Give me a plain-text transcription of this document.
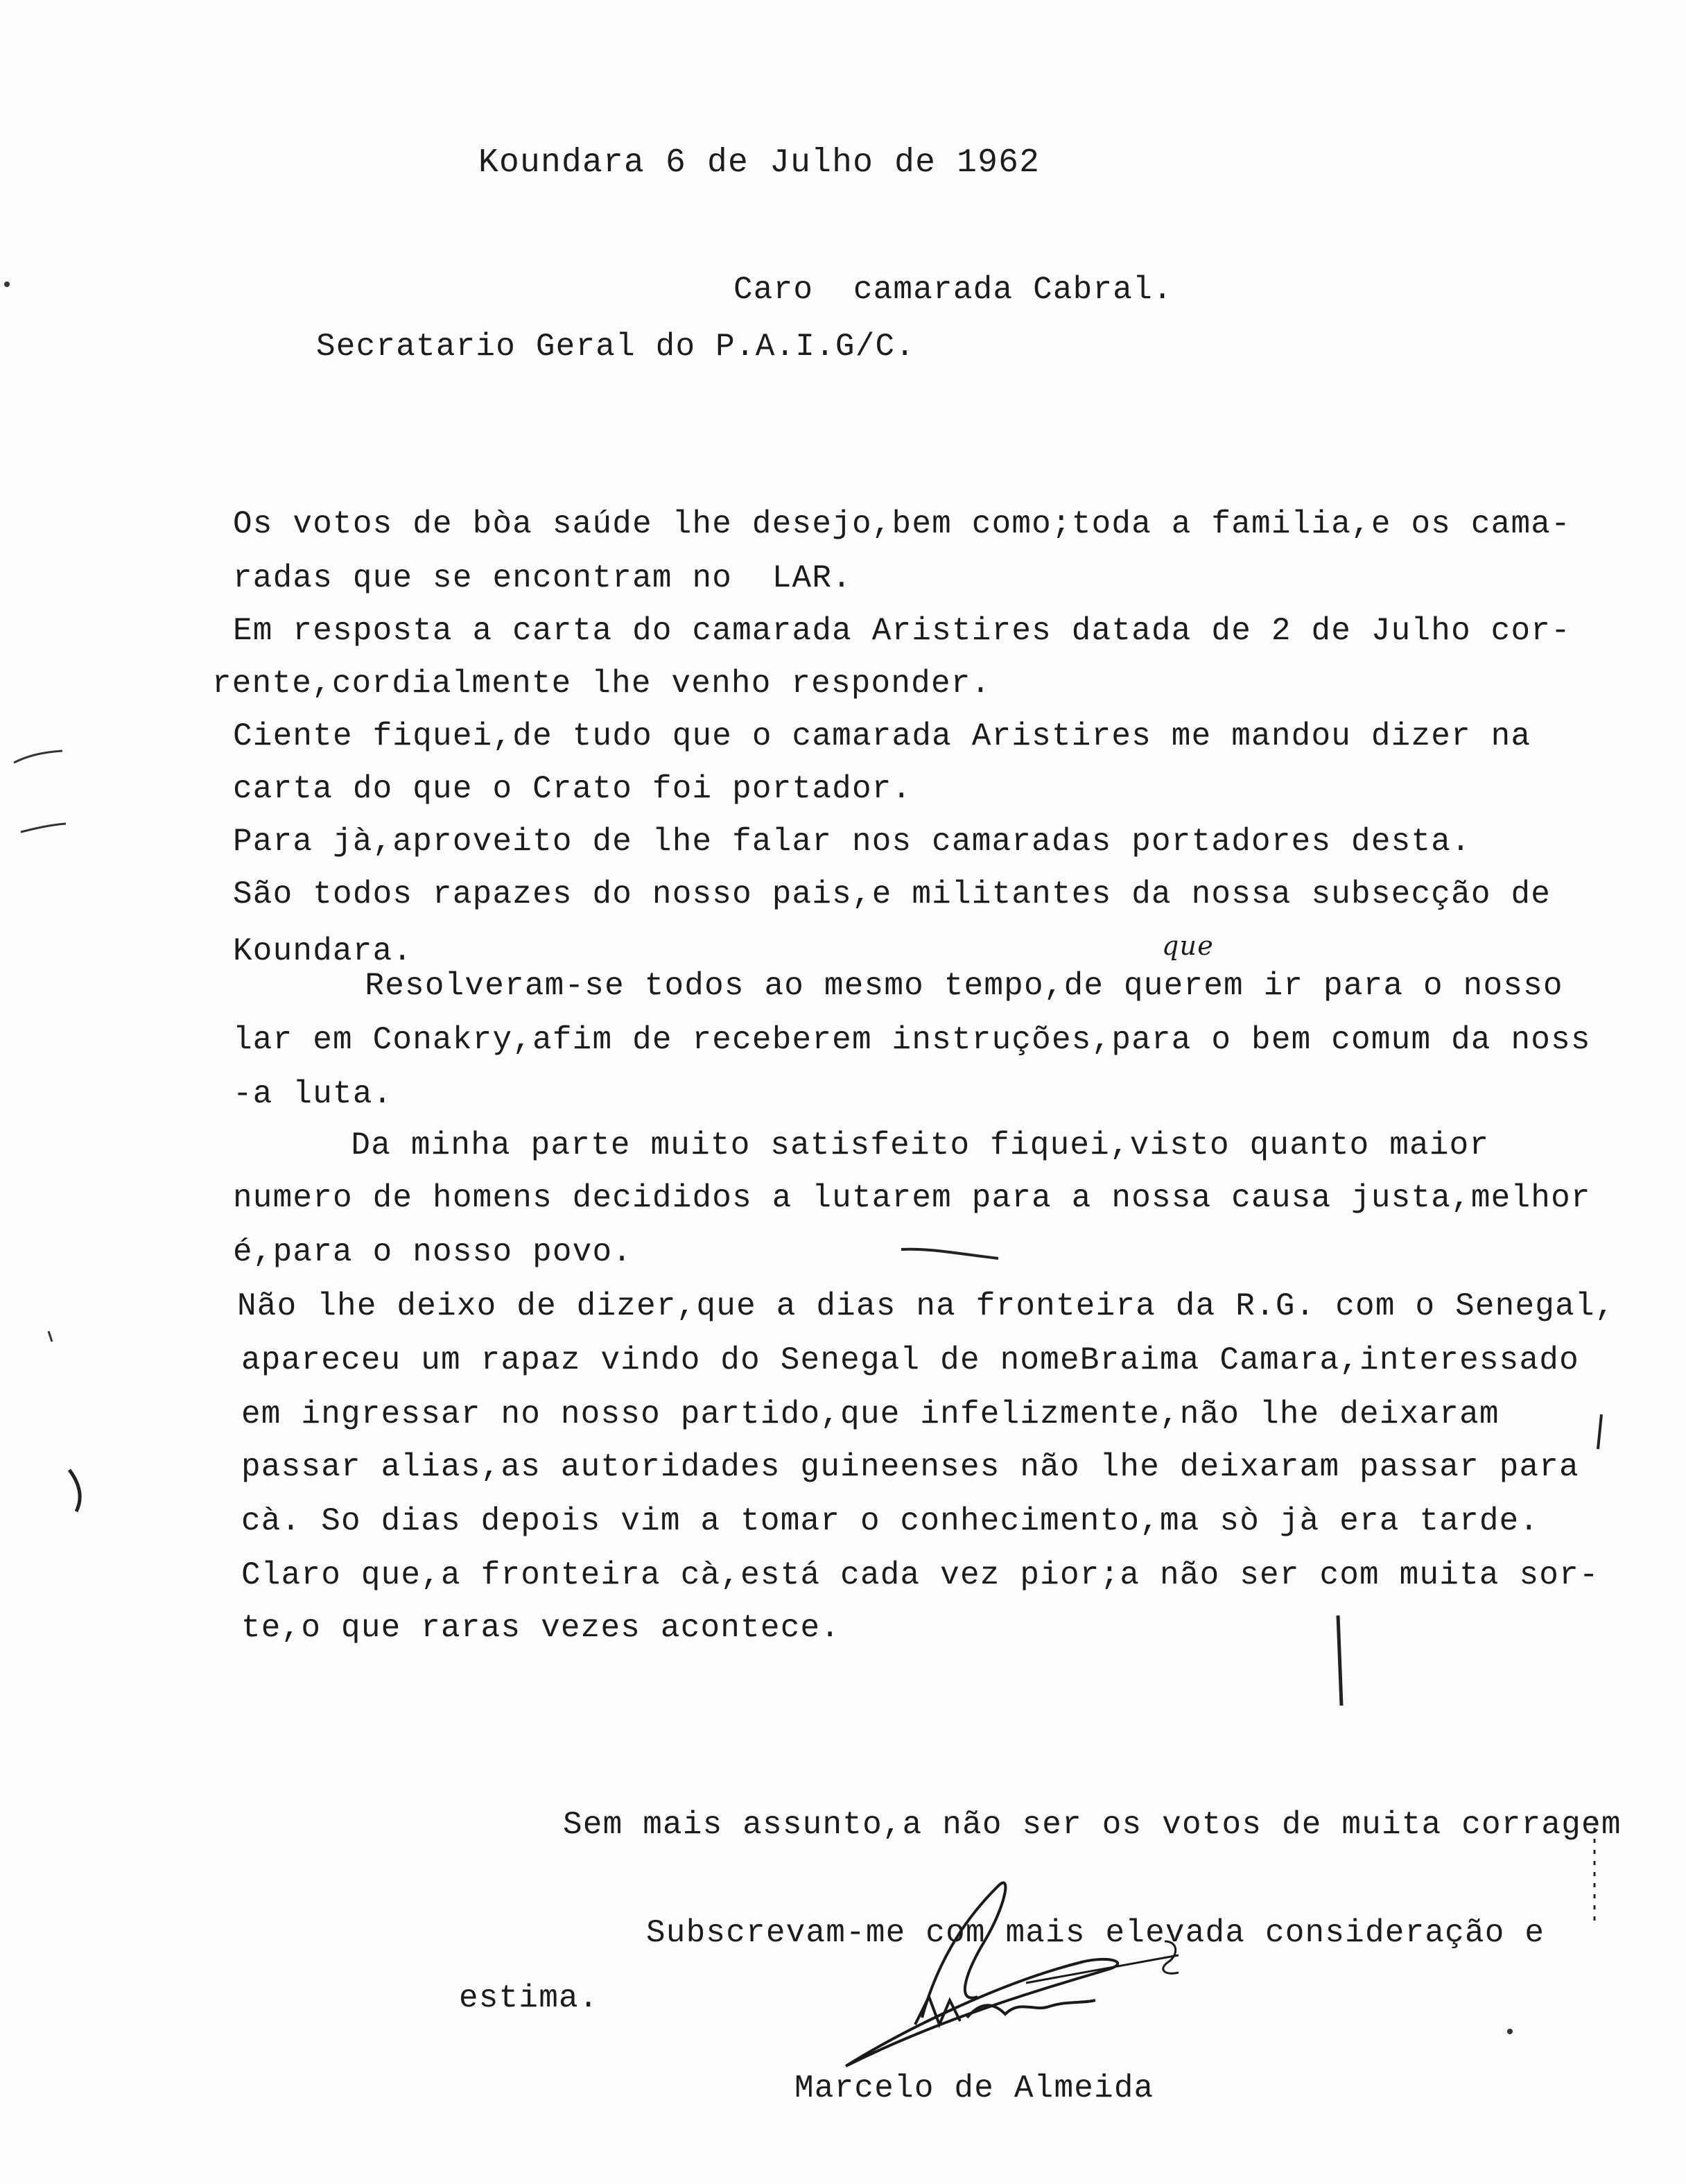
Koundara 6 de Julho de 1962
Caro  camarada Cabral.
Secratario Geral do P.A.I.G/C.
Os votos de bòa saúde lhe desejo,bem como;toda a familia,e os cama-
radas que se encontram no  LAR.
Em resposta a carta do camarada Aristires datada de 2 de Julho cor-
rente,cordialmente lhe venho responder.
Ciente fiquei,de tudo que o camarada Aristires me mandou dizer na
carta do que o Crato foi portador.
Para jà,aproveito de lhe falar nos camaradas portadores desta.
São todos rapazes do nosso pais,e militantes da nossa subsecção de
Koundara.	que
Resolveram-se todos ao mesmo tempo,de querem ir para o nosso
lar em Conakry,afim de receberem instruções,para o bem comum da noss
-a luta.
Da minha parte muito satisfeito fiquei,visto quanto maior
numero de homens decididos a lutarem para a nossa causa justa,melhor
é,para o nosso povo.
Não lhe deixo de dizer,que a dias na fronteira da R.G. com o Senegal,
apareceu um rapaz vindo do Senegal de nomeBraima Camara,interessado
em ingressar no nosso partido,que infelizmente,não lhe deixaram
passar alias,as autoridades guineenses não lhe deixaram passar para
cà. So dias depois vim a tomar o conhecimento,ma sò jà era tarde.
Claro que,a fronteira cà,está cada vez pior;a não ser com muita sor-
te,o que raras vezes acontece.
Sem mais assunto,a não ser os votos de muita corragem
Subscrevam-me com mais elevada consideração e
estima.
Marcelo de Almeida
